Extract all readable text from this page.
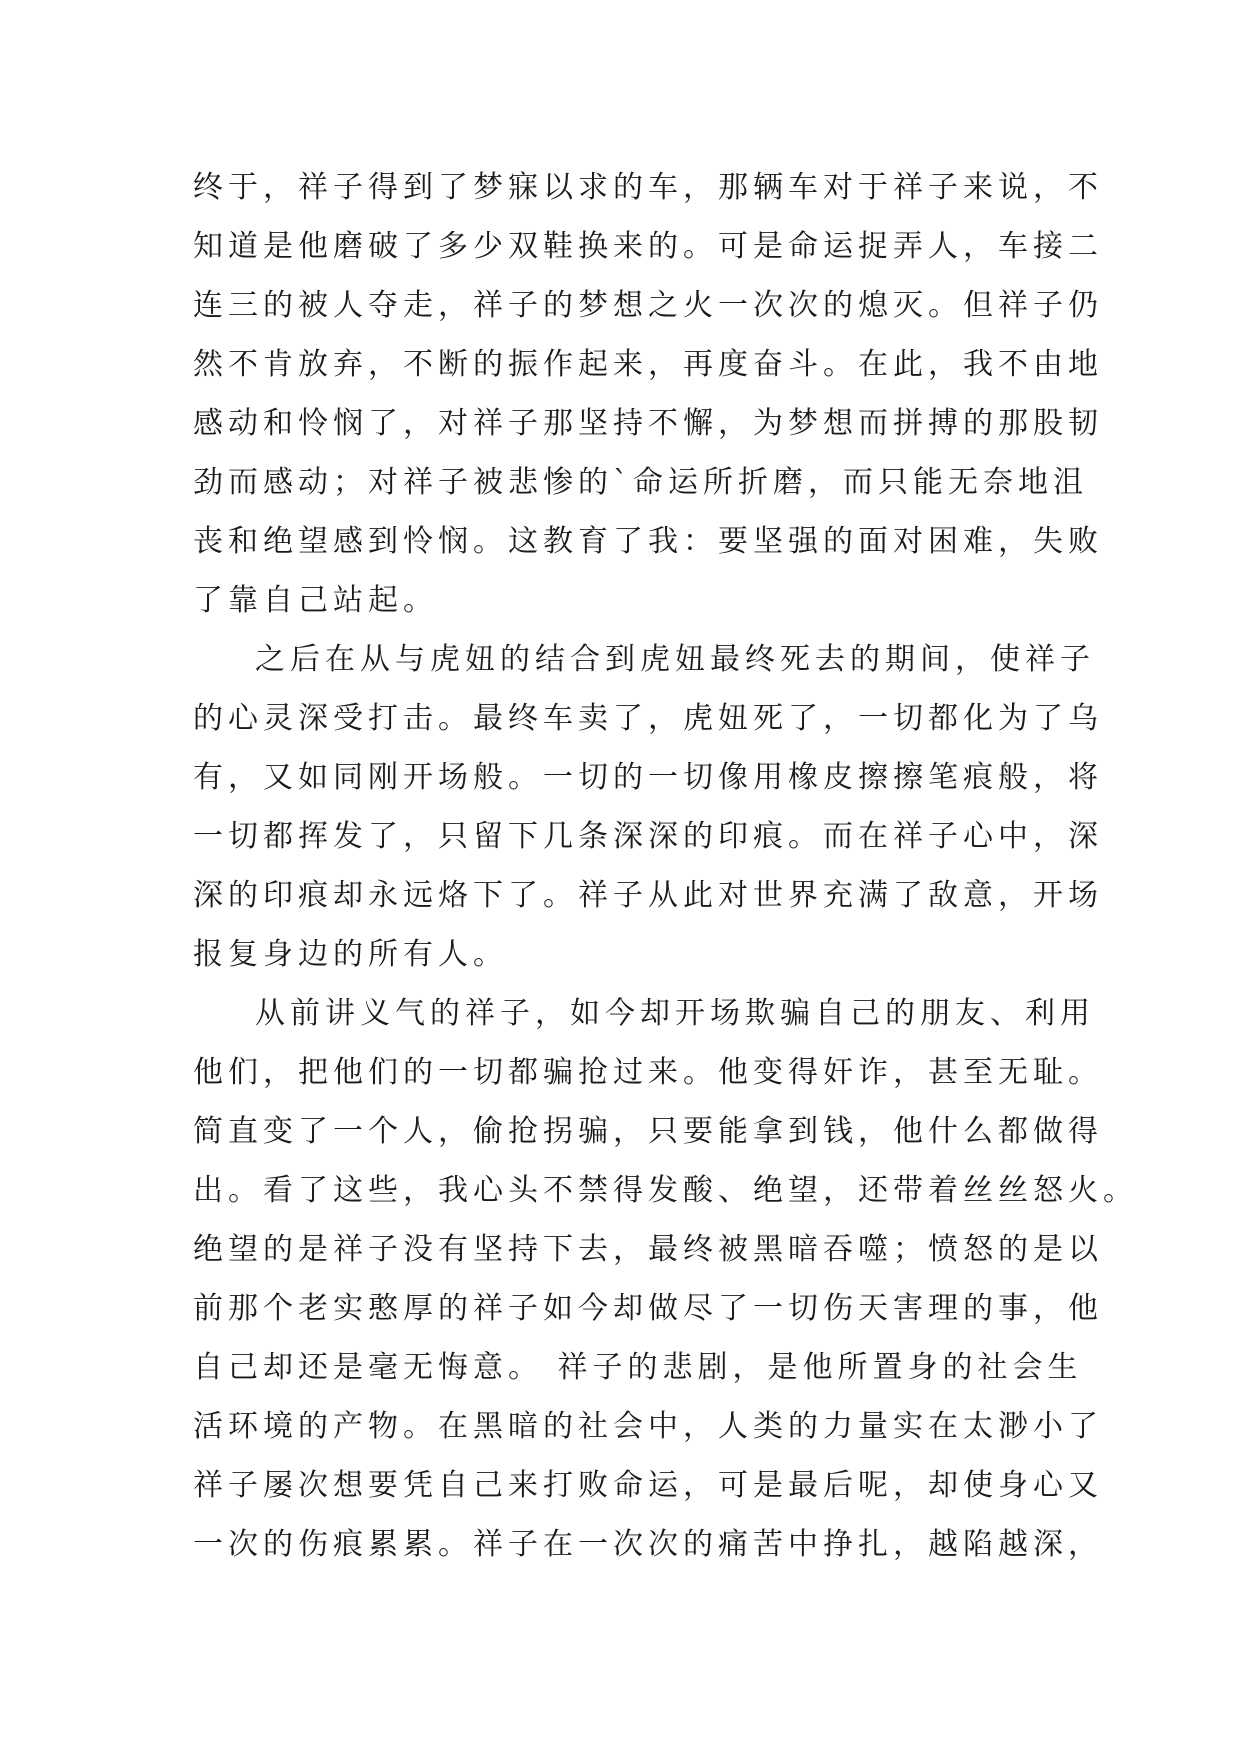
终于，祥子得到了梦寐以求的车，那辆车对于祥子来说，不
知道是他磨破了多少双鞋换来的。可是命运捉弄人，车接二
连三的被人夺走，祥子的梦想之火一次次的熄灭。但祥子仍
然不肯放弃，不断的振作起来，再度奋斗。在此，我不由地
感动和怜悯了，对祥子那坚持不懈，为梦想而拼搏的那股韧
劲而感动；对祥子被悲惨的`命运所折磨，而只能无奈地沮
丧和绝望感到怜悯。这教育了我：要坚强的面对困难，失败
了靠自己站起。
之后在从与虎妞的结合到虎妞最终死去的期间，使祥子
的心灵深受打击。最终车卖了，虎妞死了，一切都化为了乌
有，又如同刚开场般。一切的一切像用橡皮擦擦笔痕般，将
一切都挥发了，只留下几条深深的印痕。而在祥子心中，深
深的印痕却永远烙下了。祥子从此对世界充满了敌意，开场
报复身边的所有人。
从前讲义气的祥子，如今却开场欺骗自己的朋友、利用
他们，把他们的一切都骗抢过来。他变得奸诈，甚至无耻。
简直变了一个人，偷抢拐骗，只要能拿到钱，他什么都做得
出。看了这些，我心头不禁得发酸、绝望，还带着丝丝怒火。
绝望的是祥子没有坚持下去，最终被黑暗吞噬；愤怒的是以
前那个老实憨厚的祥子如今却做尽了一切伤天害理的事，他
自己却还是毫无悔意。 祥子的悲剧，是他所置身的社会生
活环境的产物。在黑暗的社会中，人类的力量实在太渺小了
祥子屡次想要凭自己来打败命运，可是最后呢，却使身心又
一次的伤痕累累。祥子在一次次的痛苦中挣扎，越陷越深，
